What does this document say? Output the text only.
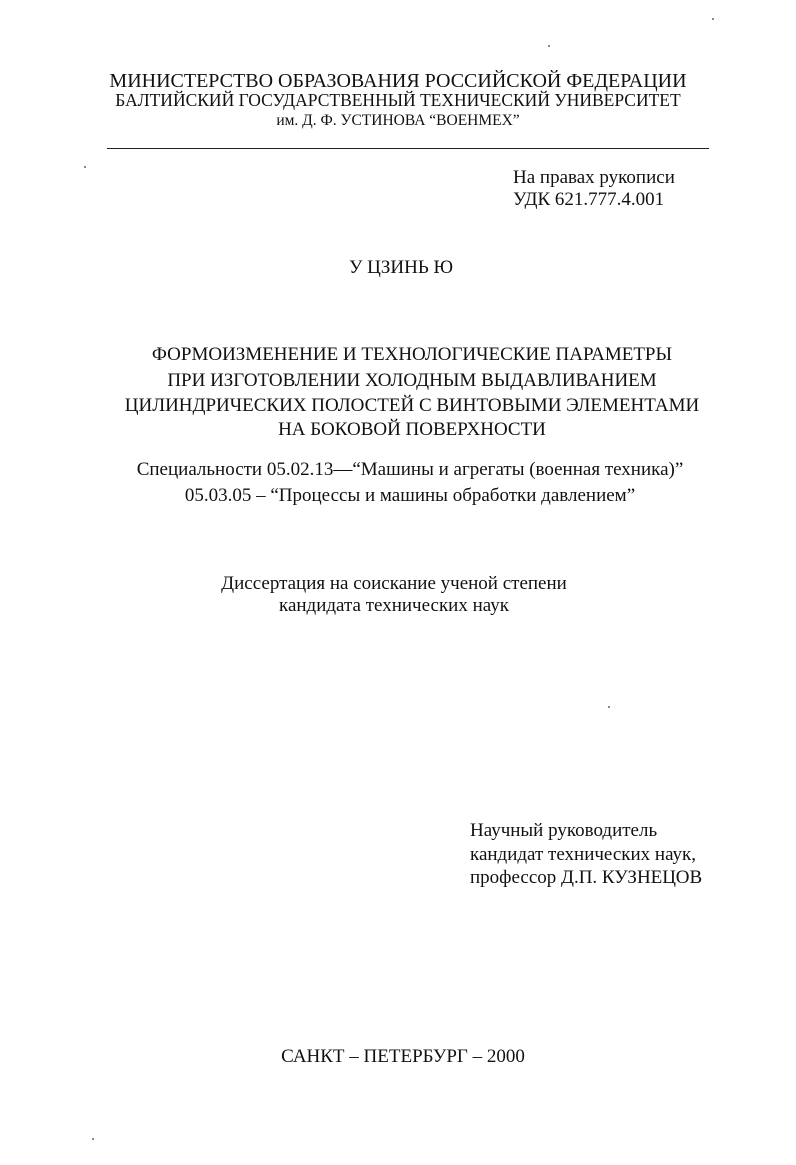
МИНИСТЕРСТВО ОБРАЗОВАНИЯ РОССИЙСКОЙ ФЕДЕРАЦИИ
БАЛТИЙСКИЙ ГОСУДАРСТВЕННЫЙ ТЕХНИЧЕСКИЙ УНИВЕРСИТЕТ
им. Д. Ф. УСТИНОВА “ВОЕНМЕХ”
На правах рукописи
УДК 621.777.4.001
У ЦЗИНЬ Ю
ФОРМОИЗМЕНЕНИЕ И ТЕХНОЛОГИЧЕСКИЕ ПАРАМЕТРЫ
ПРИ ИЗГОТОВЛЕНИИ ХОЛОДНЫМ ВЫДАВЛИВАНИЕМ
ЦИЛИНДРИЧЕСКИХ ПОЛОСТЕЙ С ВИНТОВЫМИ ЭЛЕМЕНТАМИ
НА БОКОВОЙ ПОВЕРХНОСТИ
Специальности 05.02.13—“Машины и агрегаты (военная техника)”
05.03.05 – “Процессы и машины обработки давлением”
Диссертация на соискание ученой степени
кандидата технических наук
Научный руководитель
кандидат технических наук,
профессор Д.П. КУЗНЕЦОВ
САНКТ – ПЕТЕРБУРГ – 2000
